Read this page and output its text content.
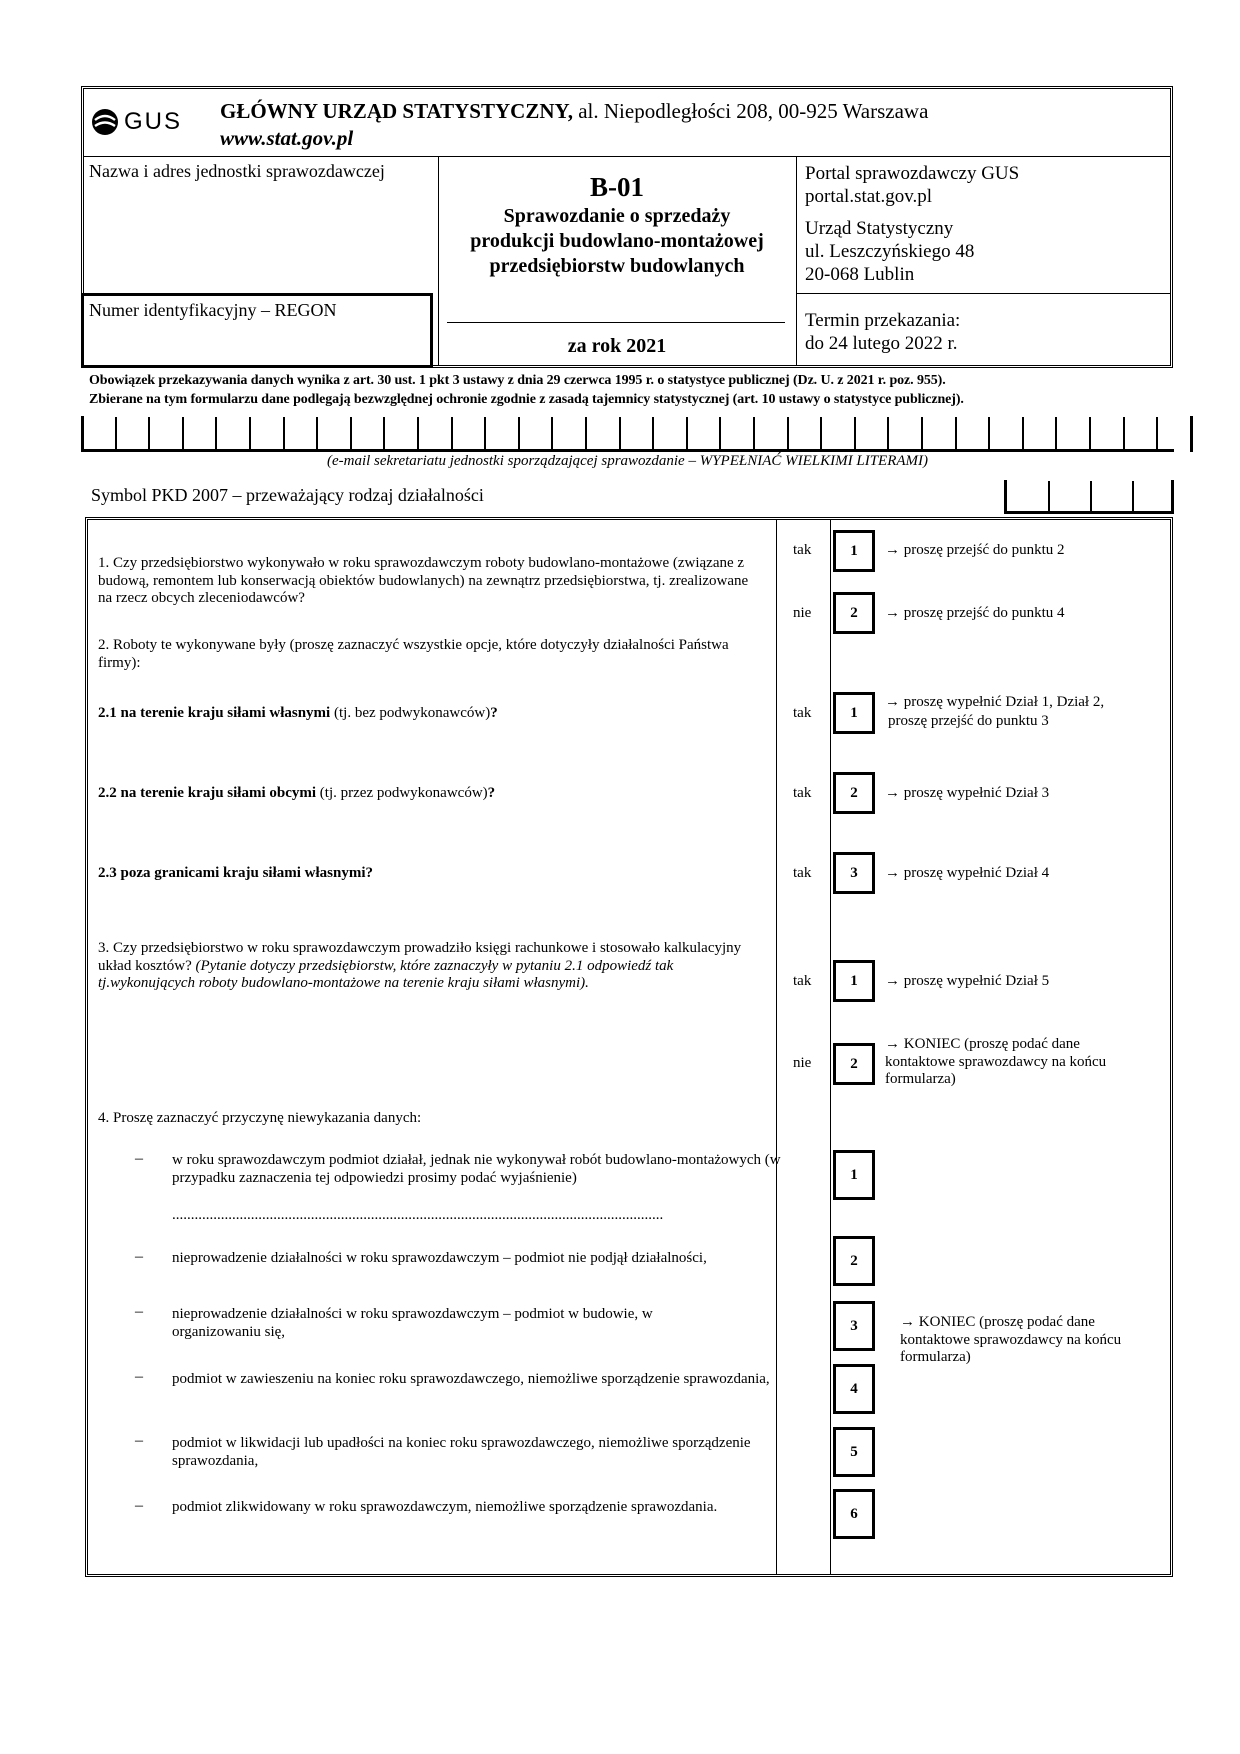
GUS GŁÓWNY URZĄD STATYSTYCZNY, al. Niepodległości 208, 00-925 Warszawa
www.stat.gov.pl
Nazwa i adres jednostki sprawozdawczej
Numer identyfikacyjny – REGON
B-01
Sprawozdanie o sprzedaży
produkcji budowlano-montażowej
przedsiębiorstw budowlanych
za rok 2021
Portal sprawozdawczy GUS
portal.stat.gov.pl
Urząd Statystyczny
ul. Leszczyńskiego 48
20-068 Lublin
Termin przekazania:
do 24 lutego 2022 r.
Obowiązek przekazywania danych wynika z art. 30 ust. 1 pkt 3 ustawy z dnia 29 czerwca 1995 r. o statystyce publicznej (Dz. U. z 2021 r. poz. 955).
Zbierane na tym formularzu dane podlegają bezwzględnej ochronie zgodnie z zasadą tajemnicy statystycznej (art. 10 ustawy o statystyce publicznej).
(e-mail sekretariatu jednostki sporządzającej sprawozdanie – WYPEŁNIAĆ WIELKIMI LITERAMI)
Symbol PKD 2007 – przeważający rodzaj działalności
1. Czy przedsiębiorstwo wykonywało w roku sprawozdawczym roboty budowlano-montażowe (związane z budową, remontem lub konserwacją obiektów budowlanych) na zewnątrz przedsiębiorstwa, tj. zrealizowane na rzecz obcych zleceniodawców?
tak	1	→ proszę przejść do punktu 2
nie	2	→ proszę przejść do punktu 4
2. Roboty te wykonywane były (proszę zaznaczyć wszystkie opcje, które dotyczyły działalności Państwa firmy):
2.1 na terenie kraju siłami własnymi (tj. bez podwykonawców)?	tak	1
→ proszę wypełnić Dział 1, Dział 2,
proszę przejść do punktu 3
2.2 na terenie kraju siłami obcymi (tj. przez podwykonawców)?	tak	2	→ proszę wypełnić Dział 3
2.3 poza granicami kraju siłami własnymi?	tak	3	→ proszę wypełnić Dział 4
3. Czy przedsiębiorstwo w roku sprawozdawczym prowadziło księgi rachunkowe i stosowało kalkulacyjny układ kosztów? (Pytanie dotyczy przedsiębiorstw, które zaznaczyły w pytaniu 2.1 odpowiedź tak tj.wykonujących roboty budowlano-montażowe na terenie kraju siłami własnymi).	tak	1	→ proszę wypełnić Dział 5
nie	2
→ KONIEC (proszę podać dane kontaktowe sprawozdawcy na końcu formularza)
4. Proszę zaznaczyć przyczynę niewykazania danych:
– w roku sprawozdawczym podmiot działał, jednak nie wykonywał robót budowlano-montażowych (w przypadku zaznaczenia tej odpowiedzi prosimy podać wyjaśnienie)	1
...................................................................................................................................
– nieprowadzenie działalności w roku sprawozdawczym – podmiot nie podjął działalności,	2
– nieprowadzenie działalności w roku sprawozdawczym – podmiot w budowie, w organizowaniu się,	3	→ KONIEC (proszę podać dane kontaktowe sprawozdawcy na końcu formularza)
– podmiot w zawieszeniu na koniec roku sprawozdawczego, niemożliwe sporządzenie sprawozdania,
4
– podmiot w likwidacji lub upadłości na koniec roku sprawozdawczego, niemożliwe sporządzenie sprawozdania,
5
– podmiot zlikwidowany w roku sprawozdawczym, niemożliwe sporządzenie sprawozdania.	6
